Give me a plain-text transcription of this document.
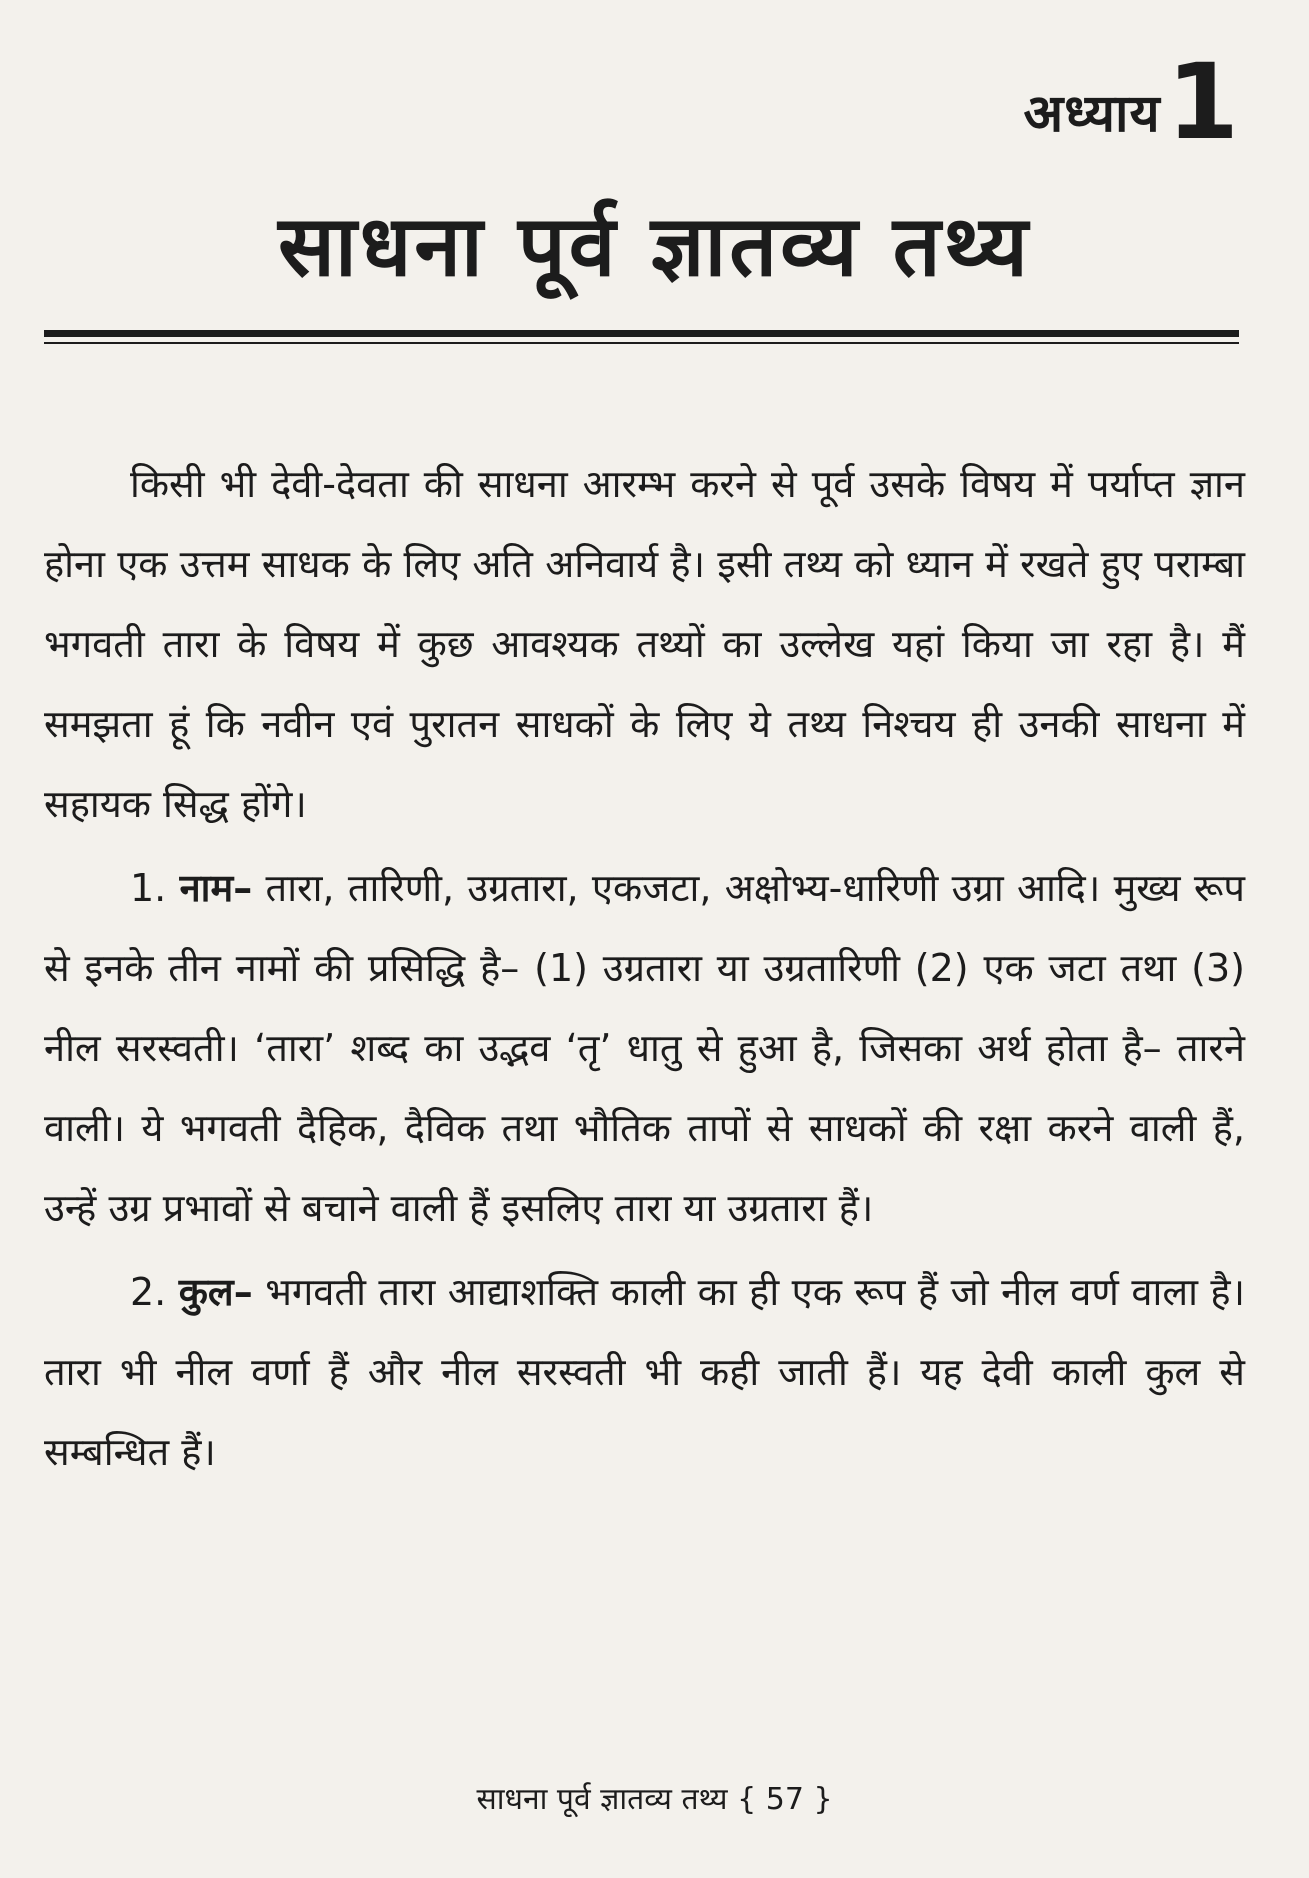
अध्याय 1
साधना पूर्व ज्ञातव्य तथ्य

किसी भी देवी-देवता की साधना आरम्भ करने से पूर्व उसके विषय में पर्याप्त ज्ञान होना एक उत्तम साधक के लिए अति अनिवार्य है। इसी तथ्य को ध्यान में रखते हुए पराम्बा भगवती तारा के विषय में कुछ आवश्यक तथ्यों का उल्लेख यहां किया जा रहा है। मैं समझता हूं कि नवीन एवं पुरातन साधकों के लिए ये तथ्य निश्चय ही उनकी साधना में सहायक सिद्ध होंगे।

1. नाम– तारा, तारिणी, उग्रतारा, एकजटा, अक्षोभ्य-धारिणी उग्रा आदि। मुख्य रूप से इनके तीन नामों की प्रसिद्धि है– (1) उग्रतारा या उग्रतारिणी (2) एक जटा तथा (3) नील सरस्वती। ‘तारा’ शब्द का उद्भव ‘तृ’ धातु से हुआ है, जिसका अर्थ होता है– तारने वाली। ये भगवती दैहिक, दैविक तथा भौतिक तापों से साधकों की रक्षा करने वाली हैं, उन्हें उग्र प्रभावों से बचाने वाली हैं इसलिए तारा या उग्रतारा हैं।

2. कुल– भगवती तारा आद्याशक्ति काली का ही एक रूप हैं जो नील वर्ण वाला है। तारा भी नील वर्णा हैं और नील सरस्वती भी कही जाती हैं। यह देवी काली कुल से सम्बन्धित हैं।

साधना पूर्व ज्ञातव्य तथ्य { 57 }
